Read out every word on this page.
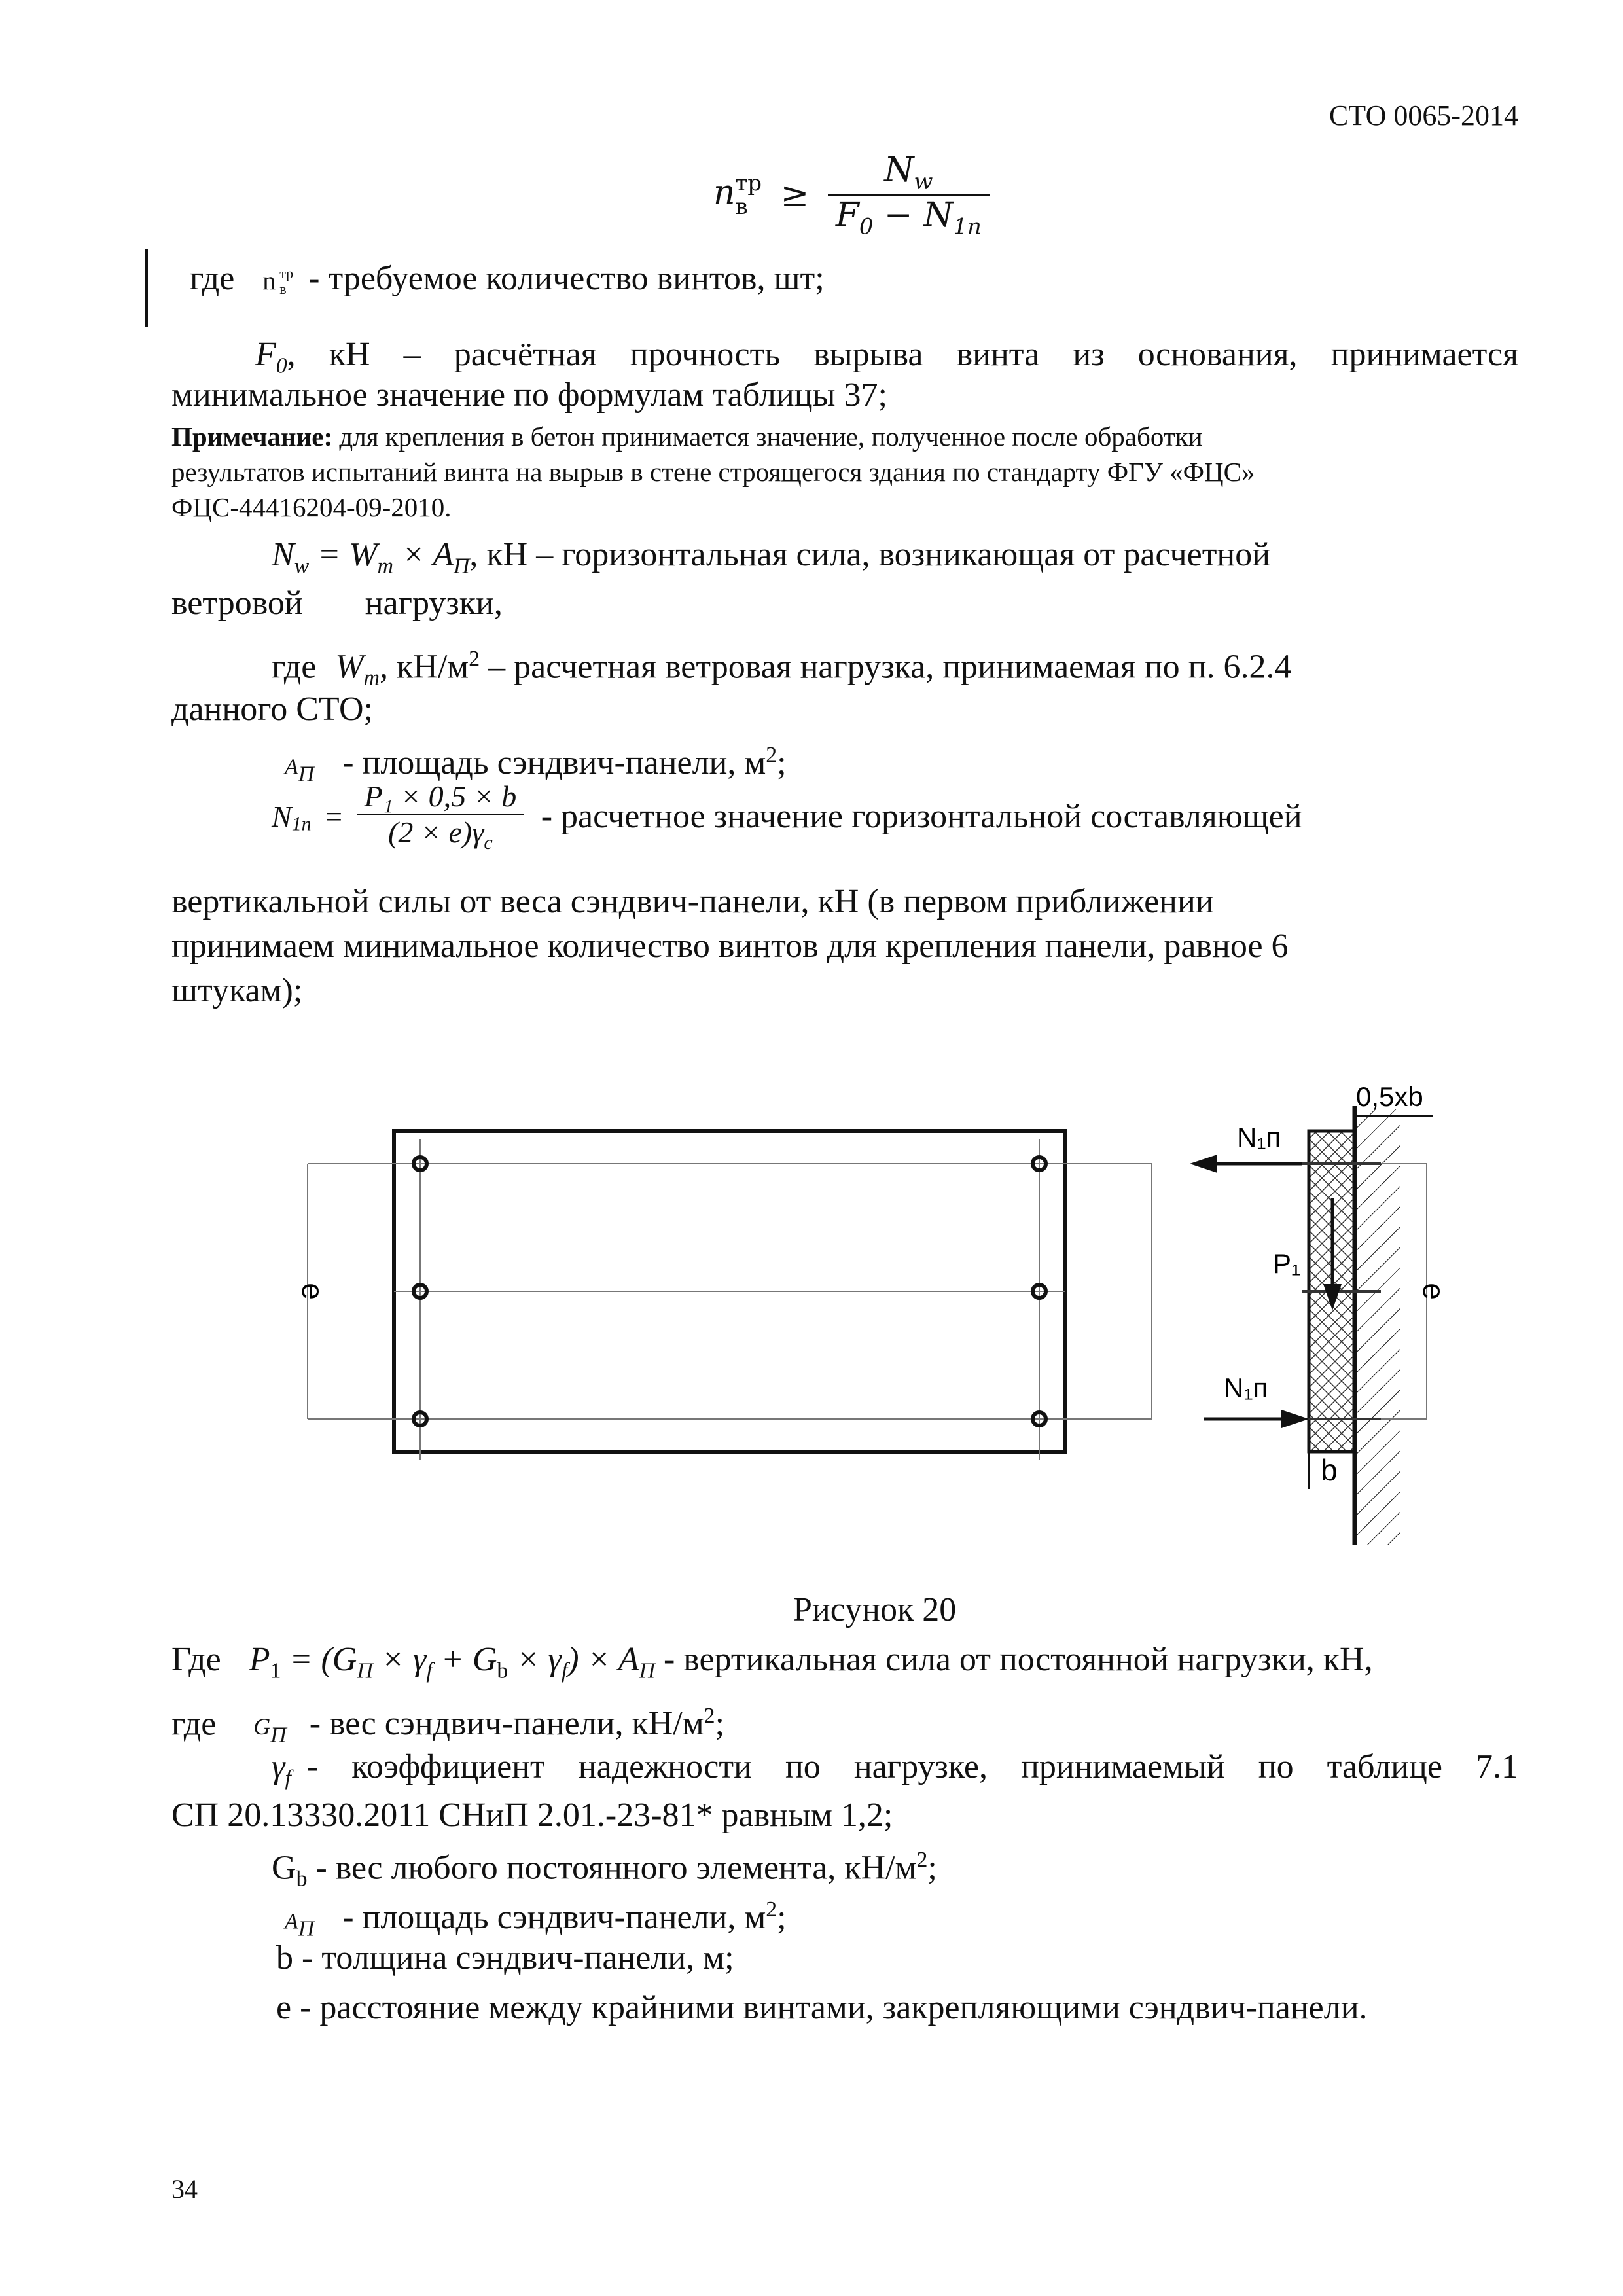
СТО 0065-2014
n тр
$в \ge \frac{N_w}{F_0 - N_{1n}}$
где n тр
в - требуемое количество винтов, шт;
$F_0$, кН – расчётная прочность вырыва винта из основания, принимается
минимальное значение по формулам таблицы 37;
Примечание: для крепления в бетон принимается значение, полученное после обработки
результатов испытаний винта на вырыв в стене строящегося здания по стандарту ФГУ «ФЦС»
ФЦС-44416204-09-2010.
$N_w = W_m \times A_П$, кН – горизонтальная сила, возникающая от расчетной
ветровой нагрузки,
где $W_m$, $кН/м^2$ – расчетная ветровая нагрузка, принимаемая по п. 6.2.4
данного СТО;
$A_П$ - площадь сэндвич-панели, $м^2$;
$N_{1n} = \frac{\text{P₁ × 0,5 × b}}{(2 \times e)\gamma_c}$ - расчетное значение горизонтальной составляющей
вертикальной силы от веса сэндвич-панели, кН (в первом приближении
принимаем минимальное количество винтов для крепления панели, равное 6
штукам);
e
0,5xb
b
e
N₁п
P₁
N₁п
Рисунок 20
Где $P_1 = (G_П \times \gamma_f + G_b \times \gamma_f) \times A_П$ - вертикальная сила от постоянной нагрузки, кН,
где $G_П$ - вес сэндвич-панели, $кН/м^2$;
$\gamma_f$ - коэффициент надежности по нагрузке, принимаемый по таблице 7.1
СП 20.13330.2011 СНиП 2.01.-23-81* равным 1,2;
$G_b$ - вес любого постоянного элемента, $кН/м^2$;
$A_П$ - площадь сэндвич-панели, $м^2$;
b - толщина сэндвич-панели, м;
e - расстояние между крайними винтами, закрепляющими сэндвич-панели.
34
